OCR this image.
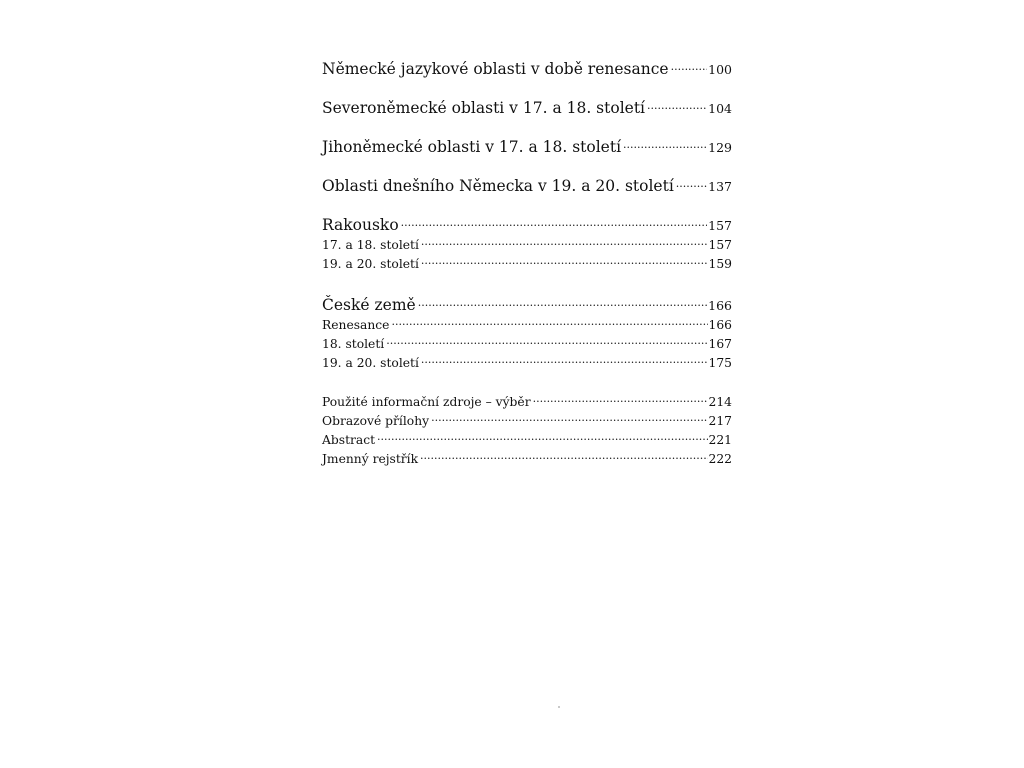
Německé jazykové oblasti v době renesance .....	100
Severoněmecké oblasti v 17. a 18. století .....	104
Jihoněmecké oblasti v 17. a 18. století .....	129
Oblasti dnešního Německa v 19. a 20. století .....	137
Rakousko .....	157
17. a 18. století .....	157
19. a 20. století .....	159
České země .....	166
Renesance .....	166
18. století .....	167
19. a 20. století .....	175
Použité informační zdroje – výběr .....	214
Obrazové přílohy .....	217
Abstract .....	221
Jmenný rejstřík .....	222
